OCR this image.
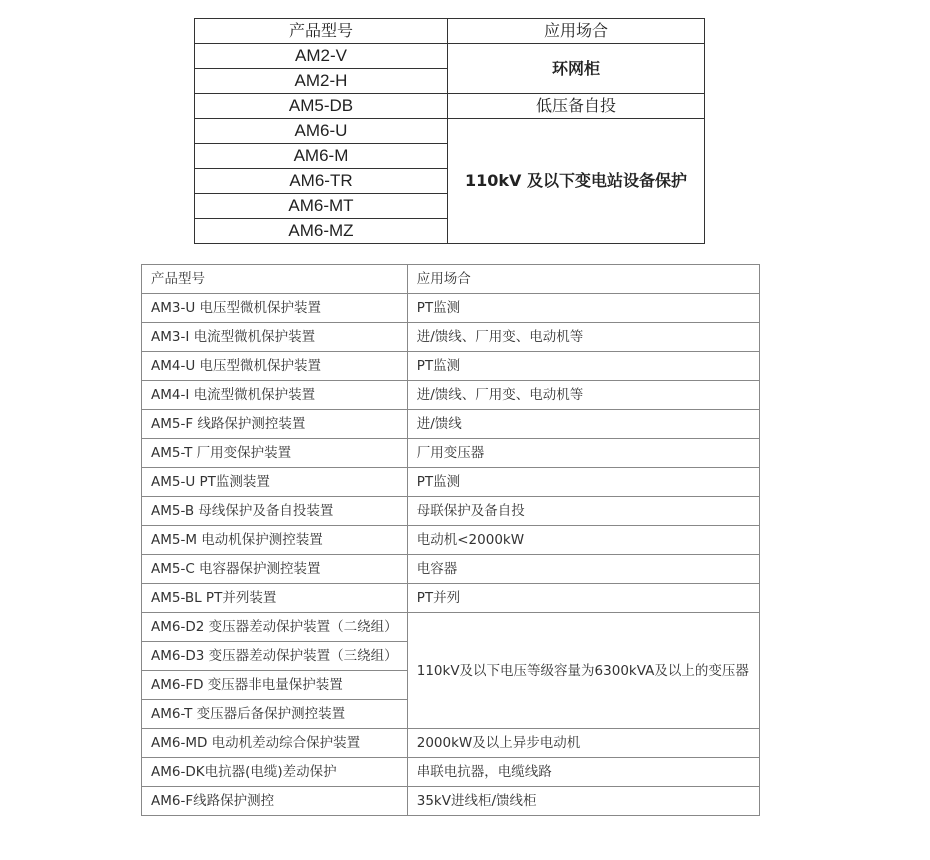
产品型号	应用场合
AM2-V	环网柜
AM2-H	
AM5-DB	低压备自投
AM6-U	110kV 及以下变电站设备保护
AM6-M	
AM6-TR	
AM6-MT	
AM6-MZ	
产品型号	应用场合
AM3-U 电压型微机保护装置	PT监测
AM3-I 电流型微机保护装置	进/馈线、厂用变、电动机等
AM4-U 电压型微机保护装置	PT监测
AM4-I 电流型微机保护装置	进/馈线、厂用变、电动机等
AM5-F 线路保护测控装置	进/馈线
AM5-T 厂用变保护装置	厂用变压器
AM5-U PT监测装置	PT监测
AM5-B 母线保护及备自投装置	母联保护及备自投
AM5-M 电动机保护测控装置	电动机<2000kW
AM5-C 电容器保护测控装置	电容器
AM5-BL PT并列装置	PT并列
AM6-D2 变压器差动保护装置（二绕组）	110kV及以下电压等级容量为6300kVA及以上的变压器
AM6-D3 变压器差动保护装置（三绕组）	
AM6-FD 变压器非电量保护装置	
AM6-T 变压器后备保护测控装置	
AM6-MD 电动机差动综合保护装置	2000kW及以上异步电动机
AM6-DK电抗器(电缆)差动保护	串联电抗器，电缆线路
AM6-F线路保护测控	35kV进线柜/馈线柜
